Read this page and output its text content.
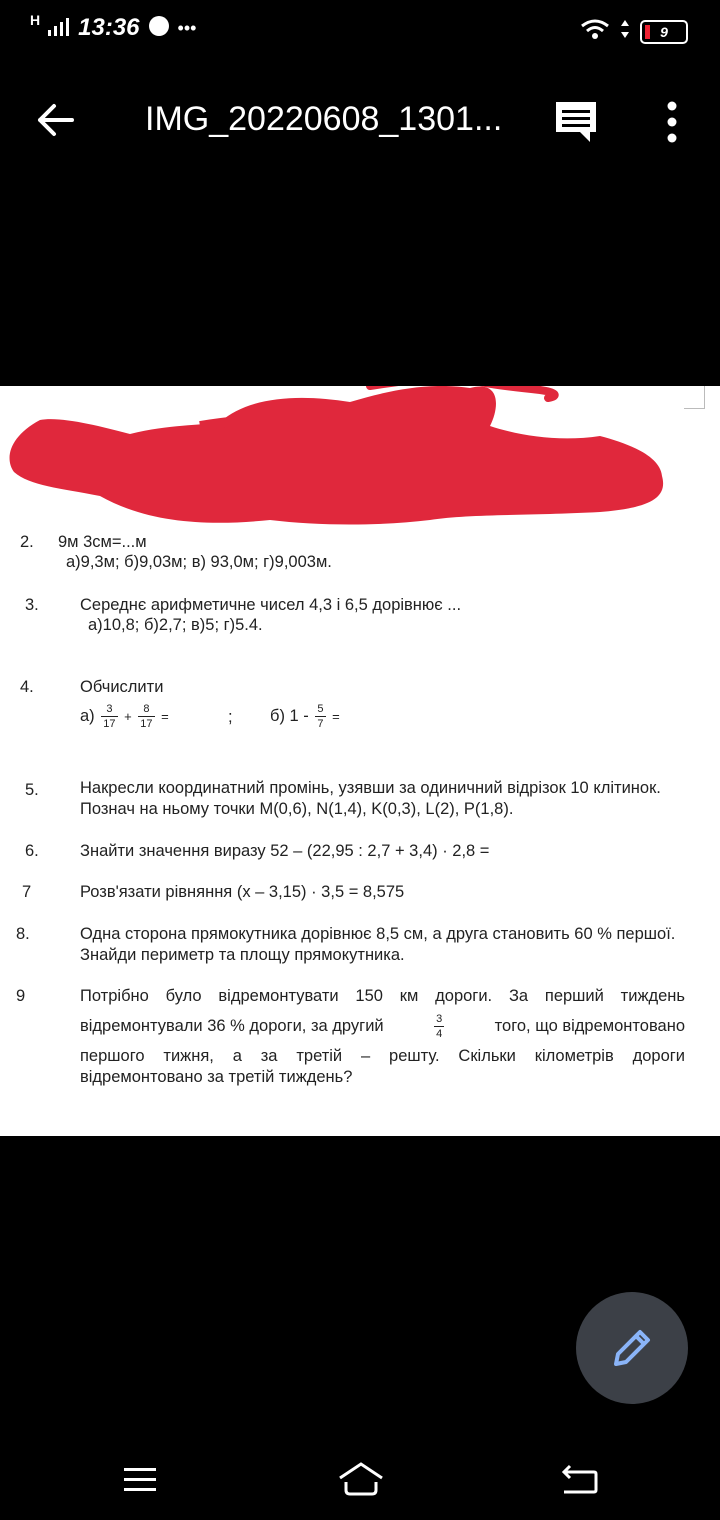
H 13:36 •••	9
IMG_20220608_1301...
2. 9м 3см=...м
а)9,3м; б)9,03м; в) 93,0м; г)9,003м.
3. Середнє арифметичне чисел 4,3 і 6,5 дорівнює ...
а)10,8; б)2,7; в)5; г)5.4.
4.	Обчислити
$а) \frac{3}{17} + \frac{8}{17}$ =	; б) $1 - \frac{5}{7}$ =
5. Накресли координатний промінь, узявши за одиничний відрізок 10 клітинок. Познач на ньому точки M(0,6), N(1,4), K(0,3), L(2), P(1,8).
6. Знайти значення виразу 52 – (22,95 : 2,7 + 3,4) · 2,8 =
7	Розв'язати рівняння (x – 3,15) · 3,5 = 8,575
8.	Одна сторона прямокутника дорівнює 8,5 см, а друга становить 60 % першої. Знайди периметр та площу прямокутника.
9	Потрібно було відремонтувати 150 км дороги. За перший тиждень
відремонтували 36 % дороги, за другий	$\frac{3}{4}$	того, що відремонтовано
першого тижня, а за третій – решту. Скільки кілометрів дороги
відремонтовано за третій тиждень?
